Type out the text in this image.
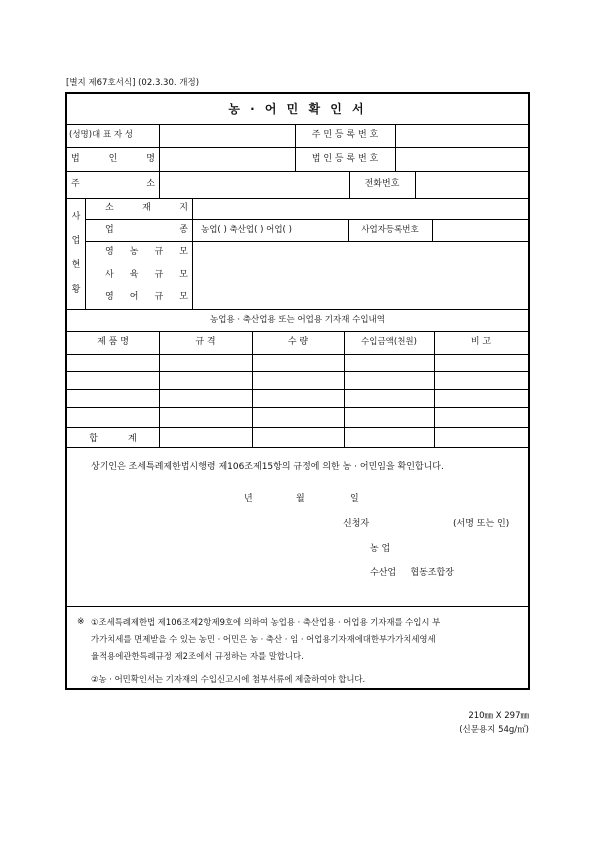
[별지 제67호서식] (02.3.30. 개정)
농 · 어 민 확 인 서
(성명)대 표 자 성	주 민 등 록 번 호
법	인	명	법 인 등 록 번 호
주	소	전화번호
사
업
현
황
소	재	지
업	종	농업( ) 축산업( ) 어업( )	사업자등록번호
영 농 규 모
사 육 규 모
영 어 규 모
농업용 · 축산업용 또는 어업용 기자재 수입내역
제 품 명	규 격	수 량	수입금액(천원)	비 고
합	계
상기인은 조세특례제한법시행령 제106조제15항의 규정에 의한 농 · 어민임을 확인합니다.
년	월	일
신청자	(서명 또는 인)
농 업
수산업     협동조합장
※ ①조세특례제한법 제106조제2항제9호에 의하여 농업용 · 축산업용 · 어업용 기자재를 수입시 부
가가치세를 면제받을 수 있는 농민 · 어민은 농 · 축산 · 임 · 어업용기자재에대한부가가치세영세
율적용에관한특례규정 제2조에서 규정하는 자를 말합니다.
②농 · 어민확인서는 기자재의 수입신고시에 첨부서류에 제출하여야 합니다.
210㎜ X 297㎜
(신문용지 54g/㎡)
